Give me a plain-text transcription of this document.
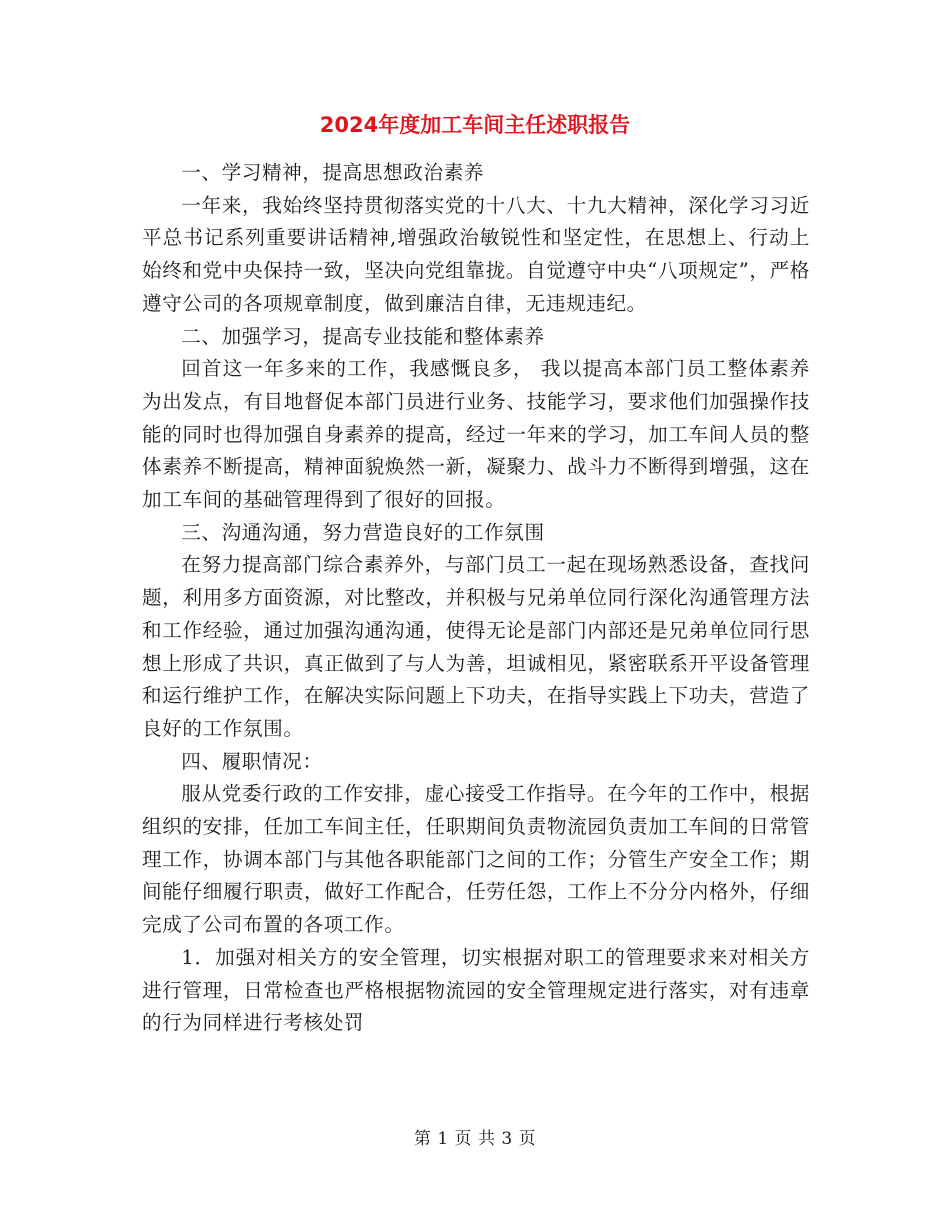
2024年度加工车间主任述职报告

一、学习精神，提高思想政治素养

一年来，我始终坚持贯彻落实党的十八大、十九大精神，深化学习习近平总书记系列重要讲话精神,增强政治敏锐性和坚定性，在思想上、行动上始终和党中央保持一致，坚决向党组靠拢。自觉遵守中央“八项规定”，严格遵守公司的各项规章制度，做到廉洁自律，无违规违纪。

二、加强学习，提高专业技能和整体素养

回首这一年多来的工作，我感慨良多， 我以提高本部门员工整体素养为出发点，有目地督促本部门员进行业务、技能学习，要求他们加强操作技能的同时也得加强自身素养的提高，经过一年来的学习，加工车间人员的整体素养不断提高，精神面貌焕然一新，凝聚力、战斗力不断得到增强，这在加工车间的基础管理得到了很好的回报。

三、沟通沟通，努力营造良好的工作氛围

在努力提高部门综合素养外，与部门员工一起在现场熟悉设备，查找问题，利用多方面资源，对比整改，并积极与兄弟单位同行深化沟通管理方法和工作经验，通过加强沟通沟通，使得无论是部门内部还是兄弟单位同行思想上形成了共识，真正做到了与人为善，坦诚相见，紧密联系开平设备管理和运行维护工作，在解决实际问题上下功夫，在指导实践上下功夫，营造了良好的工作氛围。

四、履职情况：

服从党委行政的工作安排，虚心接受工作指导。在今年的工作中，根据组织的安排，任加工车间主任，任职期间负责物流园负责加工车间的日常管理工作，协调本部门与其他各职能部门之间的工作；分管生产安全工作；期间能仔细履行职责，做好工作配合，任劳任怨，工作上不分分内格外，仔细完成了公司布置的各项工作。

1．加强对相关方的安全管理，切实根据对职工的管理要求来对相关方进行管理，日常检查也严格根据物流园的安全管理规定进行落实，对有违章的行为同样进行考核处罚

第 1 页 共 3 页
